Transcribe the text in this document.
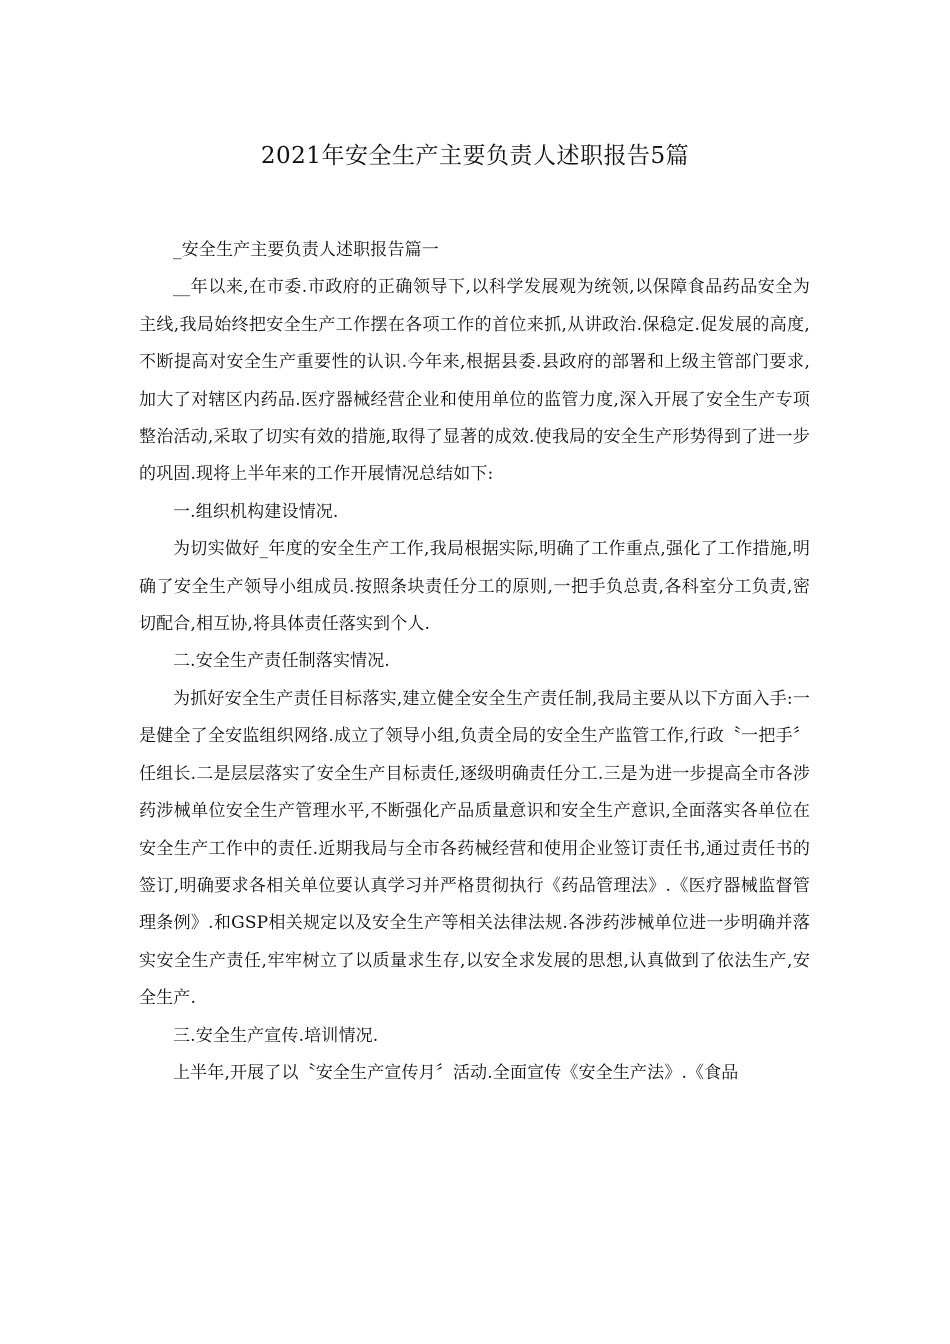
2021年安全生产主要负责人述职报告5篇

_安全生产主要负责人述职报告篇一

__年以来,在市委.市政府的正确领导下,以科学发展观为统领,以保障食品药品安全为主线,我局始终把安全生产工作摆在各项工作的首位来抓,从讲政治.保稳定.促发展的高度,不断提高对安全生产重要性的认识.今年来,根据县委.县政府的部署和上级主管部门要求,加大了对辖区内药品.医疗器械经营企业和使用单位的监管力度,深入开展了安全生产专项整治活动,采取了切实有效的措施,取得了显著的成效.使我局的安全生产形势得到了进一步的巩固.现将上半年来的工作开展情况总结如下:

一.组织机构建设情况.

为切实做好_年度的安全生产工作,我局根据实际,明确了工作重点,强化了工作措施,明确了安全生产领导小组成员.按照条块责任分工的原则,一把手负总责,各科室分工负责,密切配合,相互协,将具体责任落实到个人.

二.安全生产责任制落实情况.

为抓好安全生产责任目标落实,建立健全安全生产责任制,我局主要从以下方面入手:一是健全了全安监组织网络.成立了领导小组,负责全局的安全生产监管工作,行政〝一把手〞任组长.二是层层落实了安全生产目标责任,逐级明确责任分工.三是为进一步提高全市各涉药涉械单位安全生产管理水平,不断强化产品质量意识和安全生产意识,全面落实各单位在安全生产工作中的责任.近期我局与全市各药械经营和使用企业签订责任书,通过责任书的签订,明确要求各相关单位要认真学习并严格贯彻执行《药品管理法》.《医疗器械监督管理条例》.和GSP相关规定以及安全生产等相关法律法规.各涉药涉械单位进一步明确并落实安全生产责任,牢牢树立了以质量求生存,以安全求发展的思想,认真做到了依法生产,安全生产.

三.安全生产宣传.培训情况.

上半年,开展了以〝安全生产宣传月〞活动.全面宣传《安全生产法》.《食品
